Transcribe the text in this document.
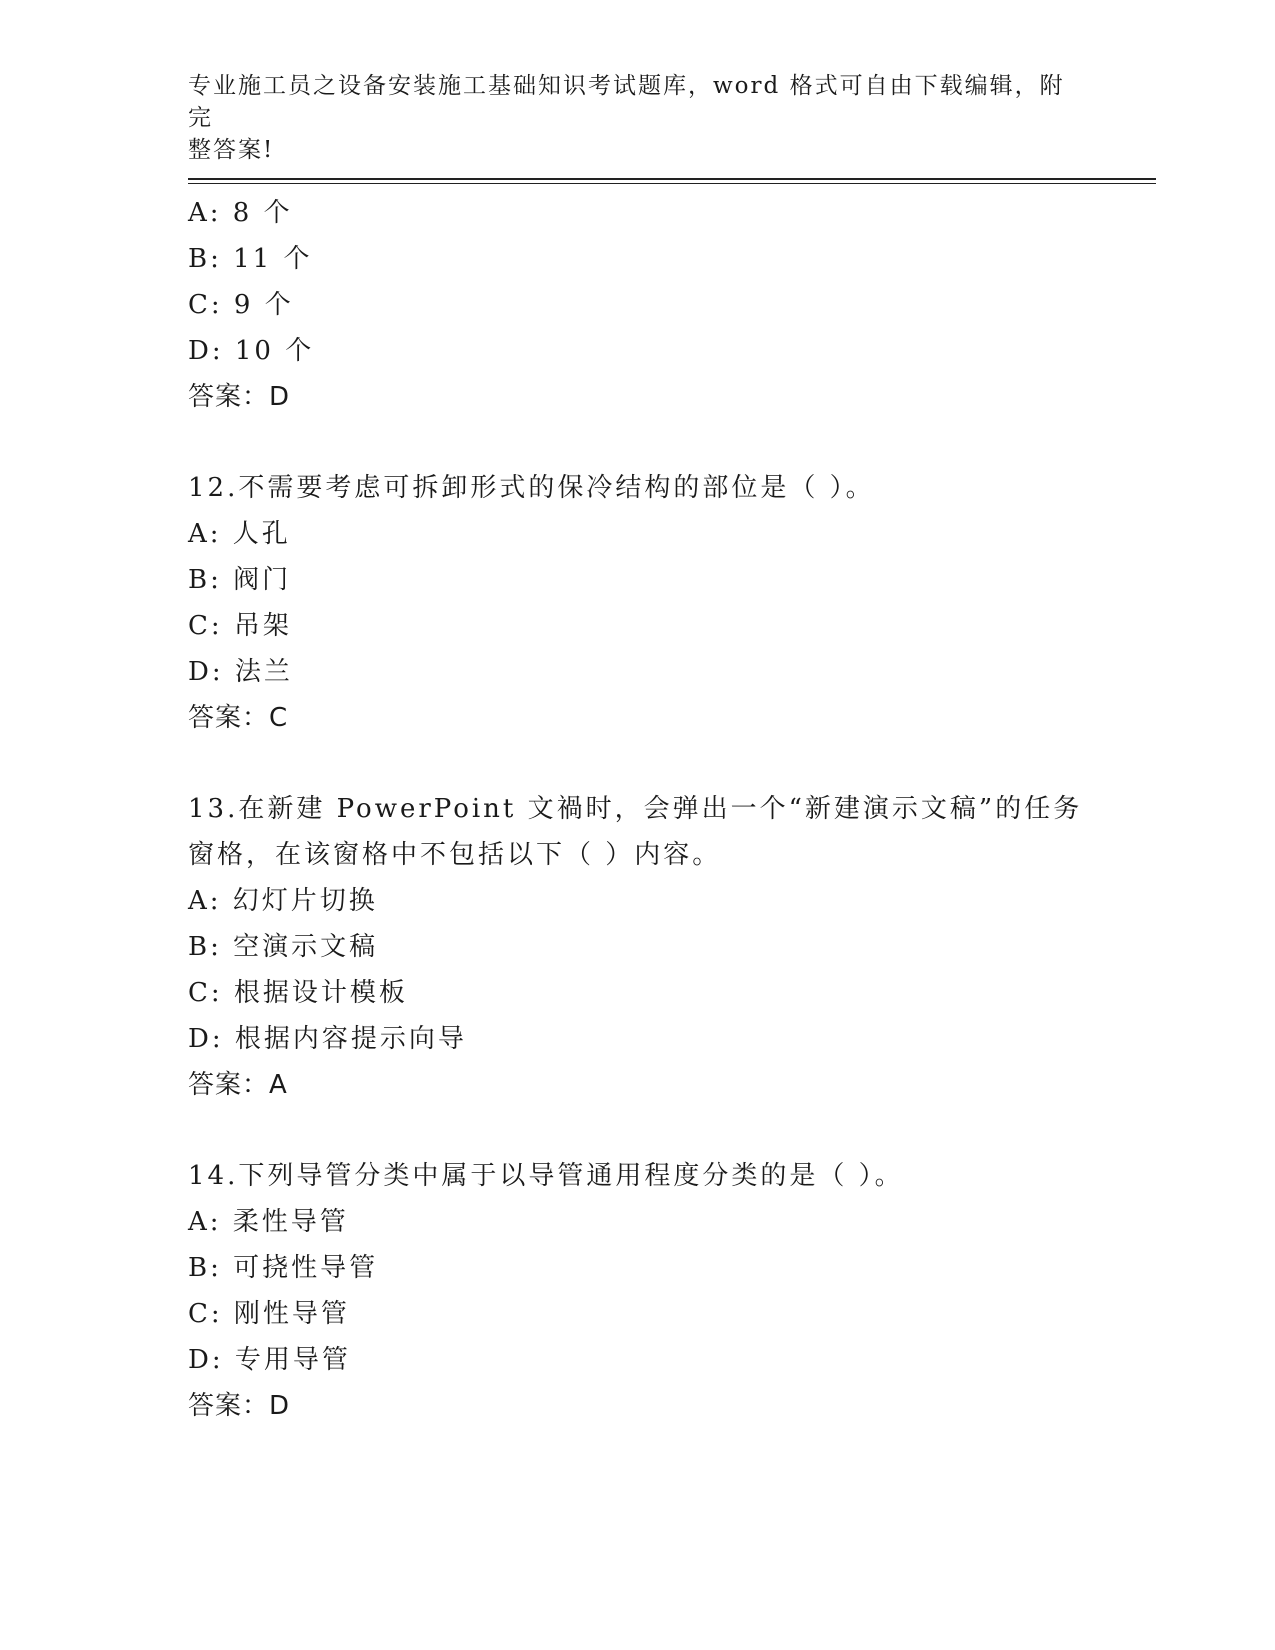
专业施工员之设备安装施工基础知识考试题库，word 格式可自由下载编辑，附完
整答案!
A: 8 个
B: 11 个
C: 9 个
D: 10 个
答案：D
12.不需要考虑可拆卸形式的保冷结构的部位是（ ）。
A: 人孔
B: 阀门
C: 吊架
D: 法兰
答案：C
13.在新建 PowerPoint 文禍时，会弹出一个“新建演示文稿”的任务
窗格，在该窗格中不包括以下（ ）内容。
A: 幻灯片切换
B: 空演示文稿
C: 根据设计模板
D: 根据内容提示向导
答案：A
14.下列导管分类中属于以导管通用程度分类的是（ ）。
A: 柔性导管
B: 可挠性导管
C: 刚性导管
D: 专用导管
答案：D
